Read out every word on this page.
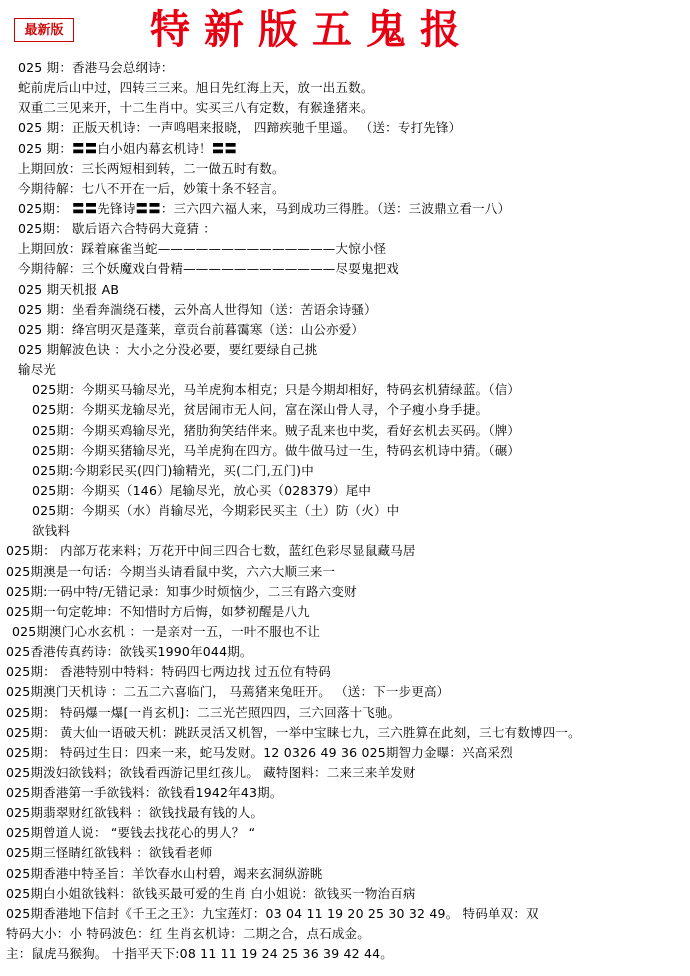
最新版 特新版五鬼报
025 期：香港马会总纲诗：
蛇前虎后山中过，四转三三来。旭日先红海上天，放一出五数。
双重二三见来开，十二生肖中。实买三八有定数，有猴逢猪来。
025 期：正版天机诗：一声鸣唱来报晓， 四蹄疾驰千里遥。 （送：专打先锋）
025 期：〓〓白小姐内幕玄机诗！〓〓
上期回放：三长两短相到转，二一做五时有数。
今期待解：七八不开在一后，妙策十条不轻言。
025期： 〓〓先锋诗〓〓：三六四六福人来，马到成功三得胜。（送：三波鼎立看一八）
025期： 歇后语六合特码大竟猜 ：
上期回放：踩着麻雀当蛇——————————————大惊小怪
今期待解：三个妖魔戏白骨精————————————尽耍鬼把戏
025 期天机报 AB
025 期：坐看奔湍绕石楼，云外高人世得知（送：苦语余诗骚）
025 期：绛宫明灭是蓬莱，章贡台前暮霭寒（送：山公亦爱）
025 期解波色诀 ：大小之分没必要，要红要绿自己挑
输尽光
025期：今期买马输尽光，马羊虎狗本相克；只是今期却相好，特码玄机猜绿蓝。（信）
025期：今期买龙输尽光，贫居闹市无人问，富在深山骨人寻，个子瘦小身手捷。
025期：今期买鸡输尽光，猪肋狗笑结伴来。贼子乱来也中奖，看好玄机去买码。（牌）
025期：今期买猪输尽光，马羊虎狗在四方。做牛做马过一生，特码玄机诗中猜。（碾）
025期:今期彩民买(四门)输精光，买(二门,五门)中
025期：今期买（146）尾输尽光，放心买（028379）尾中
025期：今期买（水）肖输尽光，今期彩民买主（土）防（火）中
欲钱料
025期： 内部万花来料；万花开中间三四合七数，蓝红色彩尽显鼠藏马居
025期澳是一句话：今期当头请看鼠中奖，六六大顺三来一
025期:一码中特/无错记录：知事少时烦恼少，二三有路六变财
025期一句定乾坤：不知惜时方后悔，如梦初醒是八九
025期澳门心水玄机 ：一是亲对一五，一叶不服也不让
025香港传真药诗：欲钱买1990年044期。
025期： 香港特别中特料：特码四七两边找 过五位有特码
025期澳门天机诗 ：二五二六喜临门， 马蔫猪来兔旺开。 （送：下一步更高）
025期： 特码爆一爆[一肖玄机]：二三光芒照四四，三六回落十飞驰。
025期： 黄大仙一语破天机：跳跃灵活又机智，一举中宝睐七九，三六胜算在此刻，三七有数博四一。
025期： 特码过生日：四来一来，蛇马发财。12 0326 49 36 025期智力金曝：兴高采烈
025期泼妇欲钱料；欲钱看西游记里红孩儿。 藏特图料：二来三来羊发财
025期香港第一手欲钱料：欲钱看1942年43期。
025期翡翠财红欲钱料 ：欲钱找最有钱的人。
025期曾道人说： “要钱去找花心的男人？ “
025期三怪睛红欲钱料 ：欲钱看老师
025期香港中特圣旨：羊饮春水山村碧，竭来玄洞纵游眺
025期白小姐欲钱料：欲钱买最可爱的生肖 白小姐说：欲钱买一物治百病
025期香港地下信封《千王之王》：九宝莲灯：03 04 11 19 20 25 30 32 49。 特码单双：双
特码大小：小 特码波色：红 生肖玄机诗：二期之合，点石成金。
主：鼠虎马猴狗。 十指平天下:08 11 11 19 24 25 36 39 42 44。
